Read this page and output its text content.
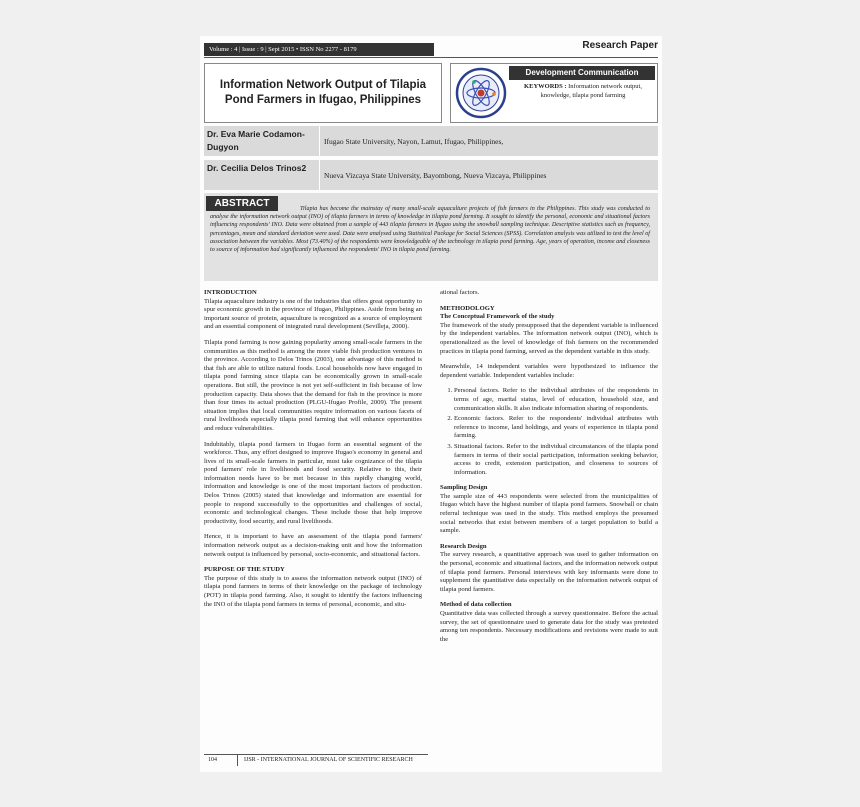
Volume : 4 | Issue : 9 | Sept 2015 • ISSN No 2277 - 8179	Research Paper
Information Network Output of Tilapia Pond Farmers in Ifugao, Philippines
Development Communication
KEYWORDS : Information network output, knowledge, tilapia pond farming
Dr. Eva Marie Codamon-Dugyon
Ifugao State University, Nayon, Lamut, Ifugao, Philippines,
Dr. Cecilia Delos Trinos2
Nueva Vizcaya State University, Bayombong, Nueva Vizcaya, Philippines
Tilapia has become the mainstay of many small-scale aquaculture projects of fish farmers in the Philippines. This study was conducted to analyse the information network output (INO) of tilapia farmers in terms of knowledge in tilapia pond farming. It sought to identify the personal, economic and situational factors influencing respondents' INO. Data were obtained from a sample of 443 tilapia farmers in Ifugao using the snowball sampling technique. Descriptive statistics such as frequency, percentages, mean and standard deviation were used. Data were analysed using Statistical Package for Social Sciences (SPSS). Correlation analysis was utilized to test the level of association between the variables. Most (73.40%) of the respondents were knowledgeable of the technology in tilapia pond farming. Age, years of operation, income and closeness to source of information had significantly influenced the respondents' INO in tilapia pond farming.
ABSTRACT
INTRODUCTION

Tilapia aquaculture industry is one of the industries that offers great opportunity to spur economic growth in the province of Ifugao, Philippines. Aside from being an important source of protein, aquaculture is recognized as a source of employment and an essential component of integrated rural development (Sevilleja, 2000).

Tilapia pond farming is now gaining popularity among small-scale farmers in the communities as this method is among the more viable fish production ventures in the province. According to Delos Trinos (2003), one advantage of this method is that fish are able to utilize natural foods. Local households now have engaged in tilapia pond farming since tilapia can be economically grown in small-scale operations. But still, the province is not yet self-sufficient in fish because of low production capacity. Data shows that the demand for fish in the province is more than four times its actual production (PLGU-Ifugao Profile, 2009). The present situation implies that local communities require information on various facets of rural livelihoods especially tilapia pond farming that will enhance opportunities and reduce vulnerabilities.

Indubitably, tilapia pond farmers in Ifugao form an essential segment of the workforce. Thus, any effort designed to improve Ifugao's economy in general and lives of its small-scale farmers in particular, must take cognizance of the tilapia pond farmers' role in livelihoods and food security. Relative to this, their information needs have to be met because in this rapidly changing world, information and knowledge is one of the most important factors of production. Delos Trinos (2005) stated that knowledge and information are essential for people to respond successfully to the opportunities and challenges of social, economic and technological changes. These include those that help improve productivity, food security, and rural livelihoods.

Hence, it is important to have an assessment of the tilapia pond farmers' information network output as a decision-making unit and how the information network output is influenced by personal, socio-economic, and situational factors.

PURPOSE OF THE STUDY

The purpose of this study is to assess the information network output (INO) of tilapia pond farmers in terms of their knowledge on the package of technology (POT) in tilapia pond farming. Also, it sought to identify the factors influencing the INO of the tilapia pond farmers in terms of personal, economic, and situ-

ational factors.

METHODOLOGY
The Conceptual Framework of the study

The framework of the study presupposed that the dependent variable is influenced by the independent variables. The information network output (INO), which is operationalized as the level of knowledge of fish farmers on the recommended practices in tilapia pond farming, served as the dependent variable in this study.

Meanwhile, 14 independent variables were hypothesized to influence the dependent variable. Independent variables include:

1. Personal factors. Refer to the individual attributes of the respondents in terms of age, marital status, level of education, household size, and communication skills. It also indicate information sharing of respondents.
2. Economic factors. Refer to the respondents' individual attributes with reference to income, land holdings, and years of experience in tilapia pond farming.
3. Situational factors. Refer to the individual circumstances of the tilapia pond farmers in terms of their social participation, information seeking behavior, access to credit, extension participation, and closeness to sources of information.
Sampling Design

The sample size of 443 respondents were selected from the municipalities of Ifugao which have the highest number of tilapia pond farmers. Snowball or chain referral technique was used in the study. This method employs the presumed social networks that exist between members of a target population to build a sample.

Research Design

The survey research, a quantitative approach was used to gather information on the personal, economic and situational factors, and the information network output of tilapia pond farmers. Personal interviews with key informants were done to supplement the quantitative data especially on the information network output of tilapia pond farmers.

Method of data collection

Quantitative data was collected through a survey questionnaire. Before the actual survey, the set of questionnaire used to generate data for the study was pretested among ten respondents. Necessary modifications and revisions were made to suit the

104	IJSR - INTERNATIONAL JOURNAL OF SCIENTIFIC RESEARCH
